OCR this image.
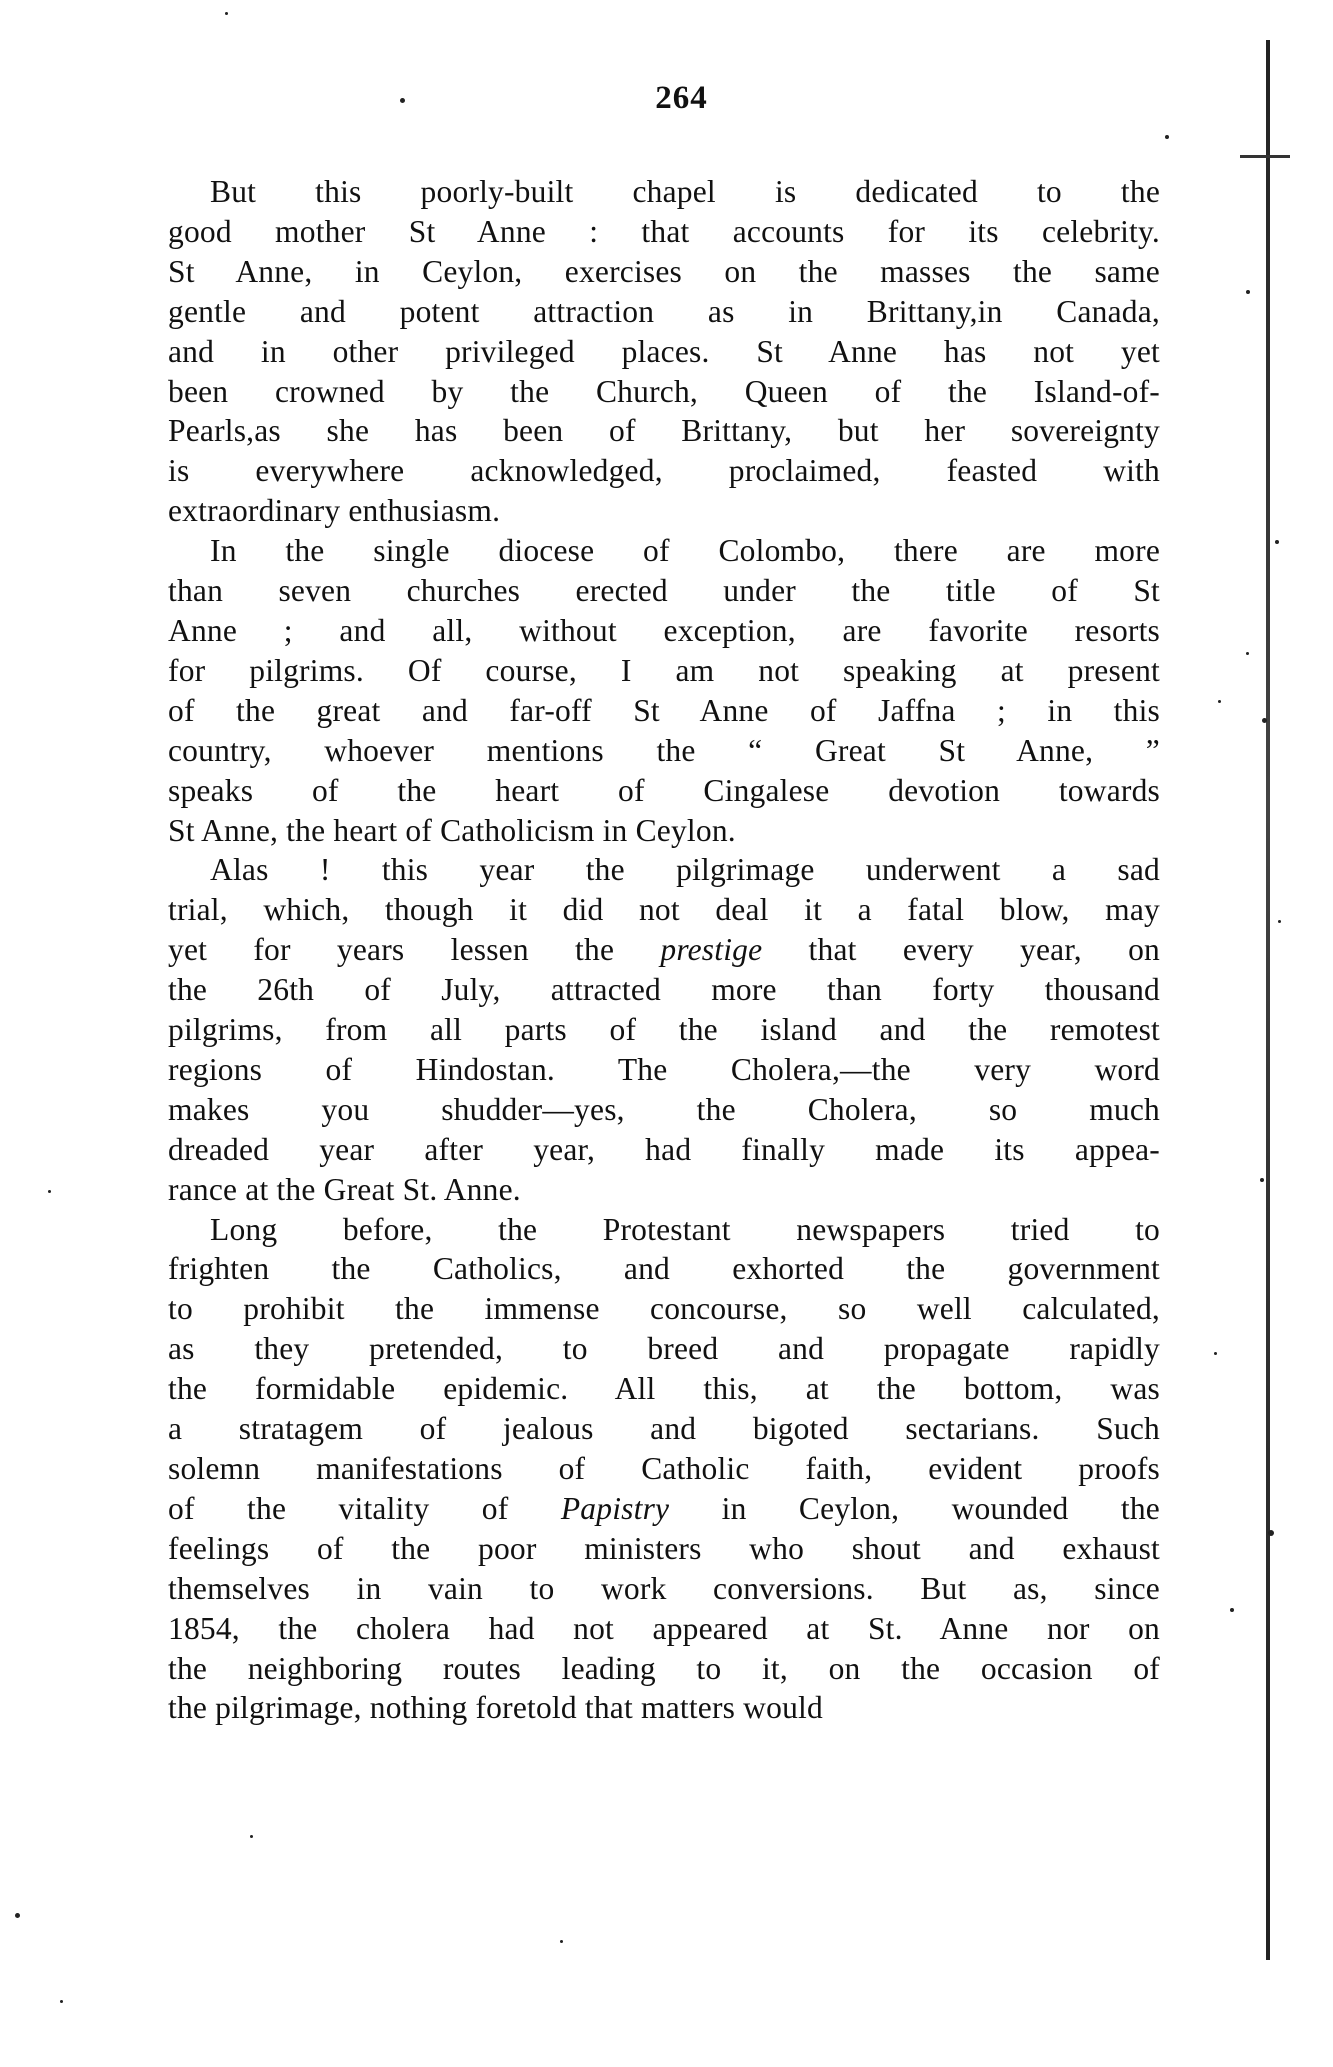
264
But this poorly-built chapel is dedicated to the
good mother St Anne : that accounts for its celebrity.
St Anne, in Ceylon, exercises on the masses the same
gentle and potent attraction as in Brittany,in Canada,
and in other privileged places. St Anne has not yet
been crowned by the Church, Queen of the Island-of-
Pearls,as she has been of Brittany, but her sovereignty
is everywhere acknowledged, proclaimed, feasted with
extraordinary enthusiasm.
In the single diocese of Colombo, there are more
than seven churches erected under the title of St
Anne ; and all, without exception, are favorite resorts
for pilgrims. Of course, I am not speaking at present
of the great and far-off St Anne of Jaffna ; in this
country, whoever mentions the “ Great St Anne, ”
speaks of the heart of Cingalese devotion towards
St Anne, the heart of Catholicism in Ceylon.
Alas ! this year the pilgrimage underwent a sad
trial, which, though it did not deal it a fatal blow, may
yet for years lessen the prestige that every year, on
the 26th of July, attracted more than forty thousand
pilgrims, from all parts of the island and the remotest
regions of Hindostan. The Cholera,—the very word
makes you shudder—yes, the Cholera, so much
dreaded year after year, had finally made its appea-
rance at the Great St. Anne.
Long before, the Protestant newspapers tried to
frighten the Catholics, and exhorted the government
to prohibit the immense concourse, so well calculated,
as they pretended, to breed and propagate rapidly
the formidable epidemic. All this, at the bottom, was
a stratagem of jealous and bigoted sectarians. Such
solemn manifestations of Catholic faith, evident proofs
of the vitality of Papistry in Ceylon, wounded the
feelings of the poor ministers who shout and exhaust
themselves in vain to work conversions. But as, since
1854, the cholera had not appeared at St. Anne nor on
the neighboring routes leading to it, on the occasion of
the pilgrimage, nothing foretold that matters would
